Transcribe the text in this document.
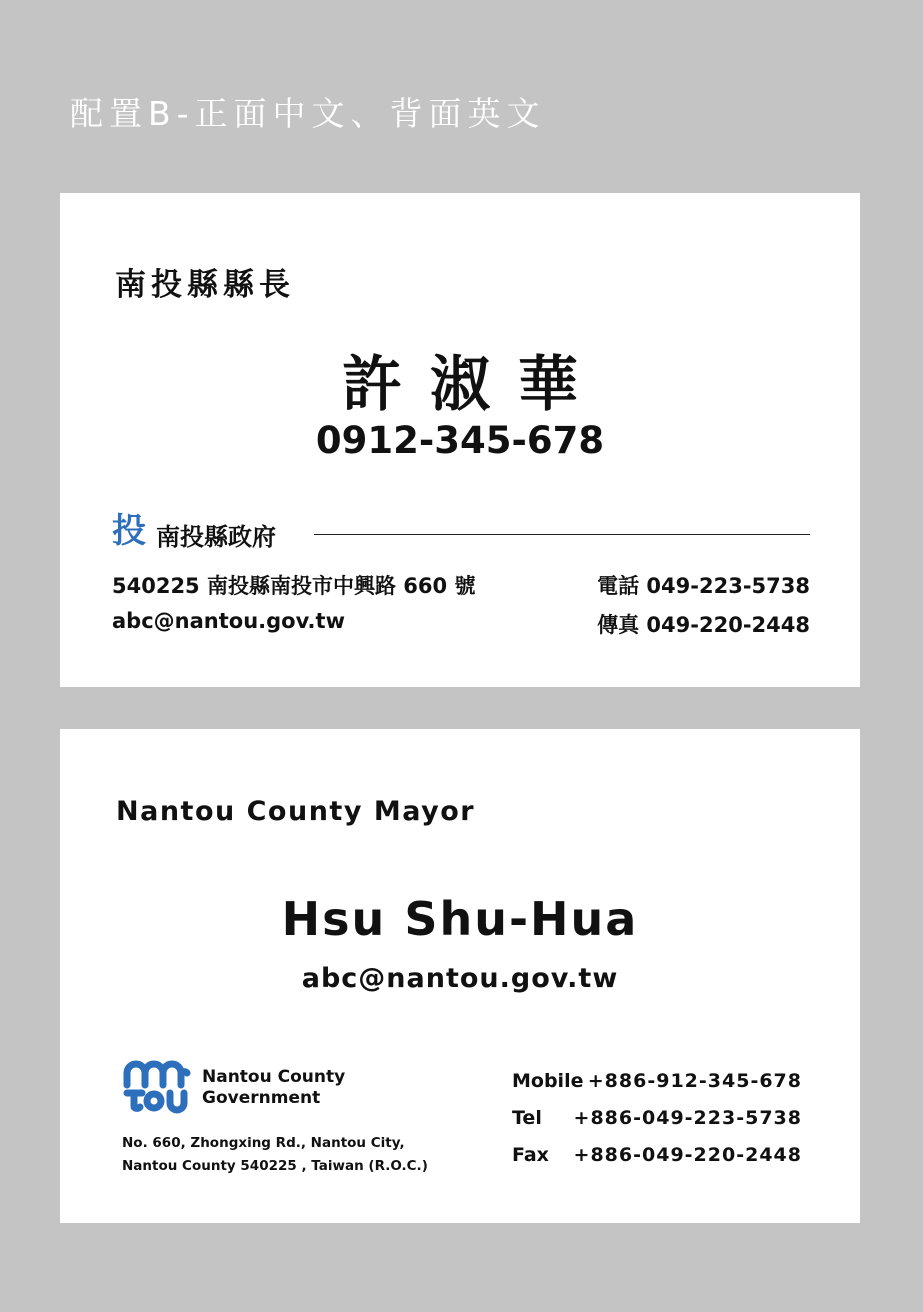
配置B-正面中文、背面英文
南投縣縣長
許淑華
0912-345-678
投 南投縣政府
540225 南投縣南投市中興路 660 號
abc@nantou.gov.tw
電話 049-223-5738
傳真 049-220-2448
Nantou County Mayor
Hsu Shu-Hua
abc@nantou.gov.tw
Nantou County
Government
No. 660, Zhongxing Rd., Nantou City,
Nantou County 540225 , Taiwan (R.O.C.)
Mobile +886-912-345-678
Tel +886-049-223-5738
Fax +886-049-220-2448
